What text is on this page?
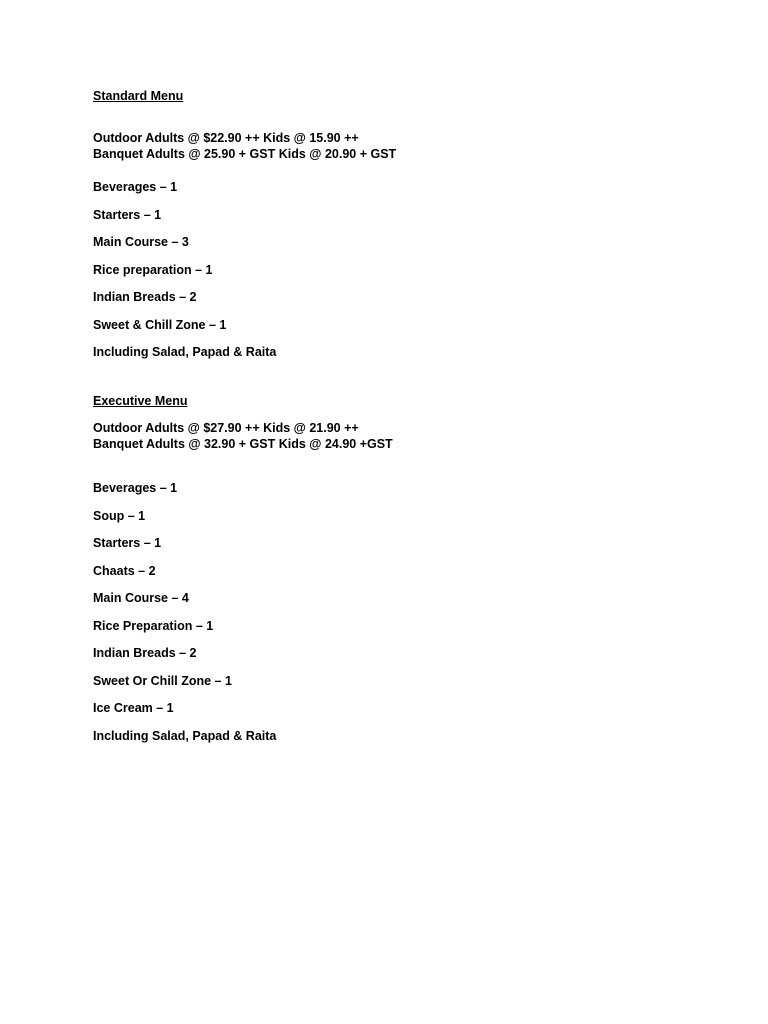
Standard Menu
Outdoor Adults @ $22.90 ++ Kids @ 15.90 ++
Banquet Adults @ 25.90 + GST Kids @ 20.90 + GST
Beverages – 1
Starters – 1
Main Course – 3
Rice preparation – 1
Indian Breads – 2
Sweet & Chill Zone – 1
Including Salad, Papad & Raita
Executive Menu
Outdoor Adults @ $27.90 ++ Kids @ 21.90 ++
Banquet Adults @ 32.90 + GST Kids @ 24.90 +GST
Beverages – 1
Soup – 1
Starters – 1
Chaats – 2
Main Course – 4
Rice Preparation – 1
Indian Breads – 2
Sweet Or Chill Zone – 1
Ice Cream – 1
Including Salad, Papad & Raita
